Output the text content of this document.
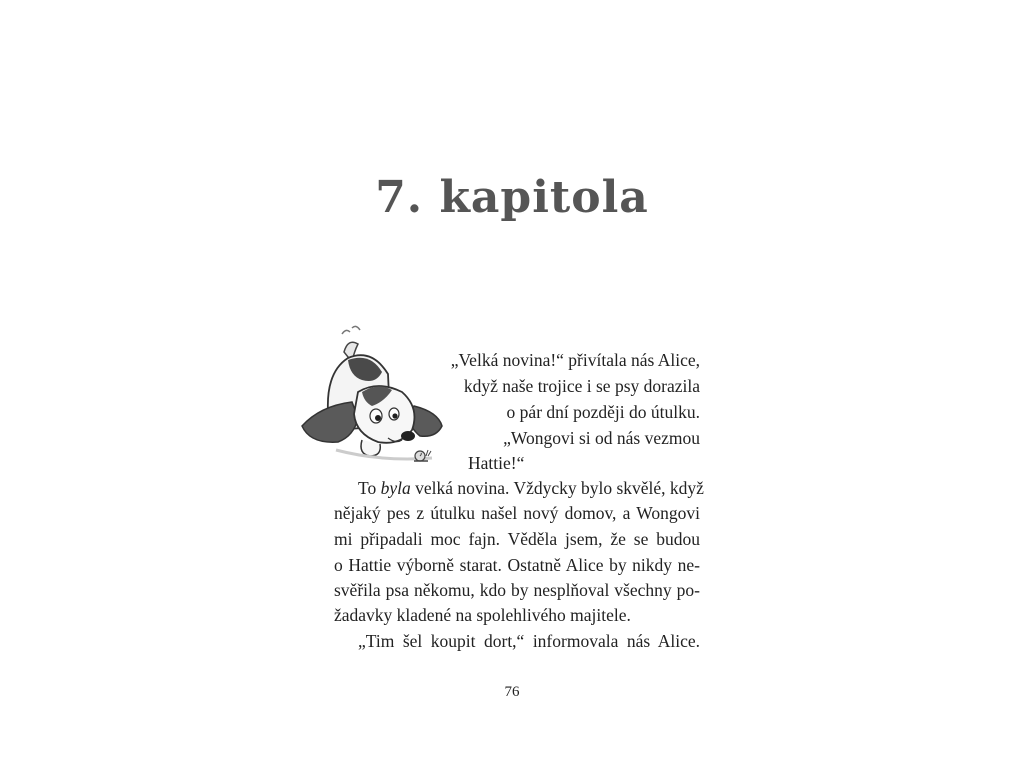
7. kapitola
„Velká novina!“ přivítala nás Alice,
když naše trojice i se psy dorazila
o pár dní později do útulku.
„Wongovi si od nás vezmou
Hattie!“
To byla velká novina. Vždycky bylo skvělé, když
nějaký pes z útulku našel nový domov, a Wongovi
mi připadali moc fajn. Věděla jsem, že se budou
o Hattie výborně starat. Ostatně Alice by nikdy ne-
svěřila psa někomu, kdo by nesplňoval všechny po-
žadavky kladené na spolehlivého majitele.
„Tim šel koupit dort,“ informovala nás Alice.
76
